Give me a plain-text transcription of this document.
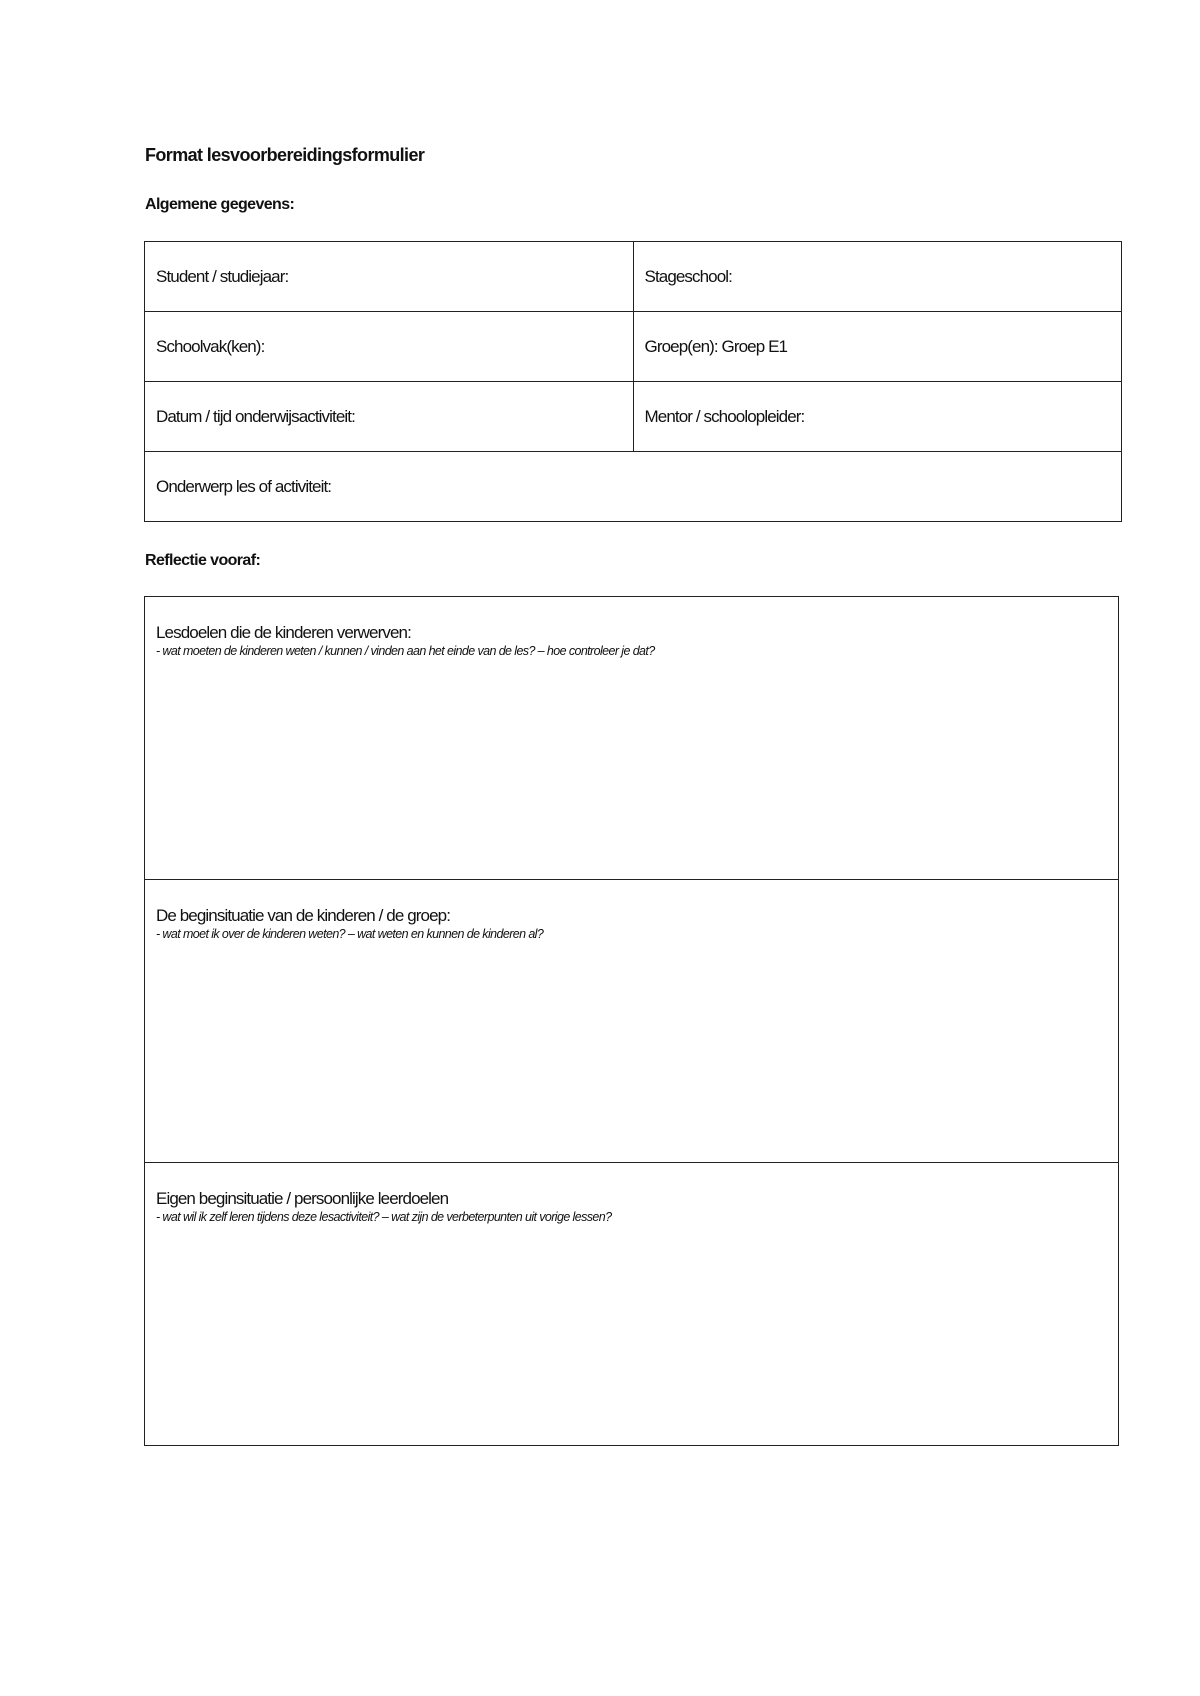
Format lesvoorbereidingsformulier
Algemene gegevens:
Student / studiejaar:	Stageschool:
Schoolvak(ken):	Groep(en): Groep E1
Datum / tijd onderwijsactiviteit:	Mentor / schoolopleider:
Onderwerp les of activiteit:	
Reflectie vooraf:
Lesdoelen die de kinderen verwerven:
- wat moeten de kinderen weten / kunnen / vinden aan het einde van de les? – hoe controleer je dat?

De beginsituatie van de kinderen / de groep:
- wat moet ik over de kinderen weten? – wat weten en kunnen de kinderen al?

Eigen beginsituatie / persoonlijke leerdoelen
- wat wil ik zelf leren tijdens deze lesactiviteit? – wat zijn de verbeterpunten uit vorige lessen?
